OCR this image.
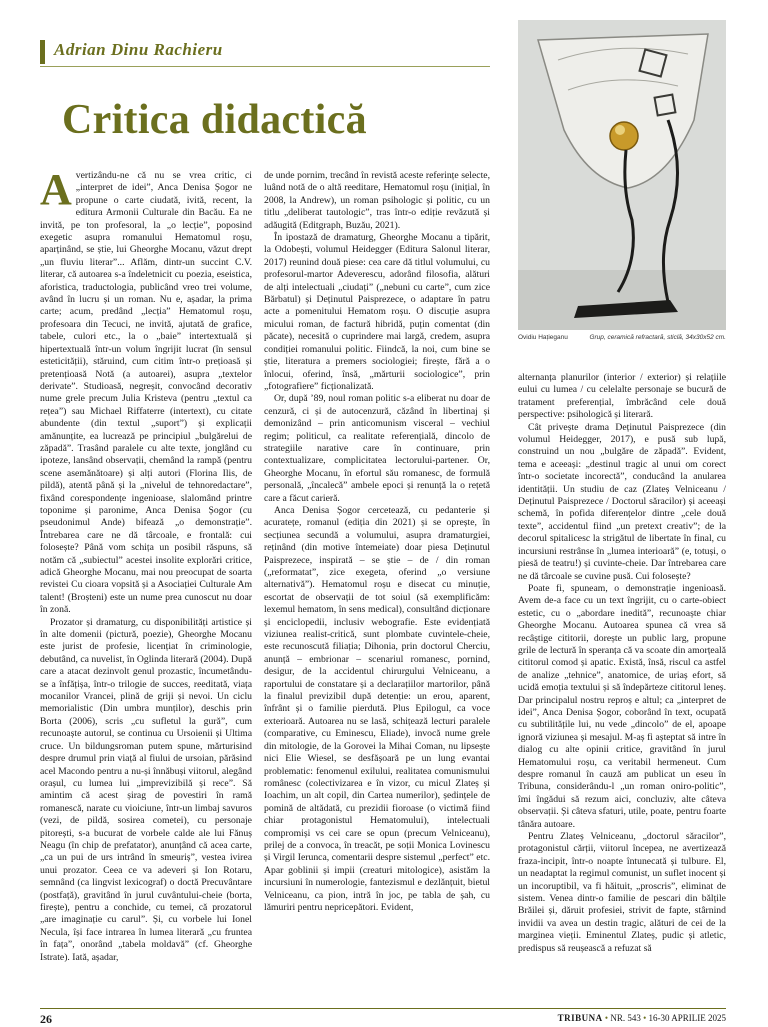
Adrian Dinu Rachieru
Critica didactică
Ovidiu Hațieganu	Grup, ceramică refractară, sticlă, 34x30x52 cm.

Avertizându-ne că nu se vrea critic, ci „interpret de idei”, Anca Denisa Șogor ne propune o carte ciudată, ivită, recent, la editura Armonii Culturale din Bacău. Ea ne invită, pe ton profesoral, la „o lecție”, poposind exegetic asupra romanului Hematomul roșu, aparținând, se știe, lui Gheorghe Mocanu, văzut drept „un fluviu literar”... Aflăm, dintr-un succint C.V. literar, că autoarea s-a îndeletnicit cu poezia, eseistica, aforistica, traductologia, publicând vreo trei volume, având în lucru și un roman. Nu e, așadar, la prima carte; acum, predând „lecția” Hematomul roșu, profesoara din Tecuci, ne invită, ajutată de grafice, tabele, culori etc., la o „baie” intertextuală și hipertextuală într-un volum îngrijit lucrat (în sensul esteticității), stăruind, cum citim într-o prețioasă și pretențioasă Notă (a autoarei), asupra „textelor derivate”. Studioasă, negreșit, convocând decorativ nume grele precum Julia Kristeva (pentru „textul ca rețea”) sau Michael Riffaterre (intertext), cu citate abundente (din textul „suport”) și explicații amănunțite, ea lucrează pe principiul „bulgărelui de zăpadă”. Trasând paralele cu alte texte, jonglând cu ipoteze, lansând observații, chemând la rampă (pentru scene asemănătoare) și alți autori (Florina Ilis, de pildă), atentă până și la „nivelul de tehnoredactare”, fixând corespondențe ingenioase, slalomând printre toponime și paronime, Anca Denisa Șogor (cu pseudonimul Ande) bifează „o demonstrație”. Întrebarea care ne dă târcoale, e frontală: cui folosește? Până vom schița un posibil răspuns, să notăm că „subiectul” acestei insolite explorări critice, adică Gheorghe Mocanu, mai nou preocupat de soarta revistei Cu cioara vopsită și a Asociației Culturale Am talent! (Broșteni) este un nume prea cunoscut nu doar în zonă.

Prozator și dramaturg, cu disponibilități artistice și în alte domenii (pictură, poezie), Gheorghe Mocanu este jurist de profesie, licențiat în criminologie, debutând, ca nuvelist, în Oglinda literară (2004). După care a atacat dezinvolt genul prozastic, încumetându-se a înfățișa, într-o trilogie de succes, reeditată, viața mocanilor Vrancei, plină de griji și nevoi. Un ciclu memorialistic (Din umbra munților), deschis prin Borta (2006), scris „cu sufletul la gură”, cum recunoaște autorul, se continua cu Ursoienii și Ultima cruce. Un bildungsroman putem spune, mărturisind despre drumul prin viață al fiului de ursoian, părăsind acel Macondo pentru a nu-și înnăbuși viitorul, alegând orașul, cu lumea lui „imprevizibilă și rece”. Să amintim că acest șirag de povestiri în ramă romanescă, narate cu vioiciune, într-un limbaj savuros (vezi, de pildă, sosirea cometei), cu personaje pitorești, s-a bucurat de vorbele calde ale lui Fănuș Neagu (în chip de prefatator), anunțând că acea carte, „ca un pui de urs intrând în smeuriș”, vestea ivirea unui prozator. Ceea ce va adeveri și Ion Rotaru, semnând (ca lingvist lexicograf) o doctă Precuvântare (postfață), gravitând în jurul cuvântului-cheie (borta, firește), pentru a conchide, cu temei, că prozatorul „are imaginație cu carul”. Și, cu vorbele lui Ionel Necula, își face intrarea în lumea literară „cu fruntea în fața”, onorând „tabela moldavă” (cf. Gheorghe Istrate). Iată, așadar,

de unde pornim, trecând în revistă aceste referințe selecte, luând notă de o altă reeditare, Hematomul roșu (inițial, în 2008, la Andrew), un roman psihologic și politic, cu un titlu „deliberat tautologic”, tras într-o ediție revăzută și adăugită (Editgraph, Buzău, 2021).

În ipostază de dramaturg, Gheorghe Mocanu a tipărit, la Odobești, volumul Heidegger (Editura Salonul literar, 2017) reunind două piese: cea care dă titlul volumului, cu profesorul-martor Adeverescu, adorând filosofia, alături de alți intelectuali „ciudați” („nebuni cu carte”, cum zice Bărbatul) și Deținutul Paisprezece, o adaptare în patru acte a pomenitului Hematom roșu. O discuție asupra micului roman, de factură hibridă, puțin comentat (din păcate), necesită o cuprindere mai largă, credem, asupra condiției romanului politic. Fiindcă, la noi, cum bine se știe, literatura a premers sociologiei; firește, fără a o înlocui, oferind, însă, „mărturii sociologice”, prin „fotografiere” ficționalizată.

Or, după ’89, noul roman politic s-a eliberat nu doar de cenzură, ci și de autocenzură, căzând în libertinaj și demonizând – prin anticomunism visceral – vechiul regim; politicul, ca realitate referențială, dincolo de strategiile narative care în continuare, prin contextualizare, complicitatea lectorului-partener. Or, Gheorghe Mocanu, în efortul său romanesc, de formulă personală, „încalecă” ambele epoci și renunță la o rețetă care a făcut carieră.

Anca Denisa Șogor cercetează, cu pedanterie și acuratețe, romanul (ediția din 2021) și se oprește, în secțiunea secundă a volumului, asupra dramaturgiei, reținând (din motive întemeiate) doar piesa Deținutul Paisprezece, inspirată – se știe – de / din roman („reformatat”, zice exegeta, oferind „o versiune alternativă”). Hematomul roșu e disecat cu minuție, escortat de observații de tot soiul (să exemplificăm: lexemul hematom, în sens medical), consultând dicționare și enciclopedii, inclusiv webografie. Este evidențiată viziunea realist-critică, sunt plombate cuvintele-cheie, este recunoscută filiația; Dihonia, prin doctorul Cherciu, anunță – embrionar – scenariul romanesc, pornind, desigur, de la accidentul chirurgului Velniceanu, a raportului de constatare și a declarațiilor martorilor, până la finalul previzibil după detenție: un erou, aparent, înfrânt și o familie pierdută. Plus Epilogul, ca voce exterioară. Autoarea nu se lasă, schițează lecturi paralele (comparative, cu Eminescu, Eliade), invocă nume grele din mitologie, de la Gorovei la Mihai Coman, nu lipsește nici Elie Wiesel, se desfășoară pe un lung evantai problematic: fenomenul exilului, realitatea comunismului românesc (colectivizarea e în vizor, cu micul Zlateș și Ioachim, un alt copil, din Cartea numerilor), ședințele de pomină de altădată, cu prezidii fioroase (o victimă fiind chiar protagonistul Hematomului), intelectuali compromiși vs cei care se opun (precum Velniceanu), prilej de a convoca, în treacăt, pe soții Monica Lovinescu și Virgil Ierunca, comentarii despre sistemul „perfect” etc. Apar goblinii și impii (creaturi mitologice), asistăm la incursiuni în numerologie, fantezismul e dezlănțuit, bietul Velniceanu, ca pion, intră în joc, pe tabla de șah, cu lămuriri pentru nepricepători. Evident,

alternanța planurilor (interior / exterior) și relațiile eului cu lumea / cu celelalte personaje se bucură de tratament preferențial, îmbrăcând cele două perspective: psihologică și literară.

Cât privește drama Deținutul Paisprezece (din volumul Heidegger, 2017), e pusă sub lupă, construind un nou „bulgăre de zăpadă”. Evident, tema e aceeași: „destinul tragic al unui om corect într-o societate incorectă”, conducând la anularea identității. Un studiu de caz (Zlateș Velniceanu / Deținutul Paisprezece / Doctorul săracilor) și aceeași schemă, în pofida diferențelor dintre „cele două texte”, accidentul fiind „un pretext creativ”; de la decorul spitalicesc la strigătul de libertate în final, cu incursiuni restrânse în „lumea interioară” (e, totuși, o piesă de teatru!) și cuvinte-cheie. Dar întrebarea care ne dă târcoale se cuvine pusă. Cui folosește?

Poate fi, spuneam, o demonstrație ingenioasă. Avem de-a face cu un text îngrijit, cu o carte-obiect estetic, cu o „abordare inedită”, recunoaște chiar Gheorghe Mocanu. Autoarea spunea că vrea să recâștige cititorii, dorește un public larg, propune grile de lectură în speranța că va scoate din amorțeală cititorul comod și apatic. Există, însă, riscul ca astfel de analize „tehnice”, anatomice, de uriaș efort, să ucidă emoția textului și să îndepărteze cititorul leneș. Dar principalul nostru reproș e altul; ca „interpret de idei”, Anca Denisa Șogor, coborând în text, ocupată cu subtilitățile lui, nu vede „dincolo” de el, apoape ignoră viziunea și mesajul. M-aș fi așteptat să intre în dialog cu alte opinii critice, gravitând în jurul Hematomului roșu, ca veritabil hermeneut. Cum despre romanul în cauză am publicat un eseu în Tribuna, considerându-l „un roman oniro-politic”, îmi îngădui să rezum aici, concluziv, alte câteva observații. Și câteva sfaturi, utile, poate, pentru foarte tânăra autoare.

Pentru Zlateș Velniceanu, „doctorul săracilor”, protagonistul cărții, viitorul începea, ne avertizează fraza-incipit, într-o noapte întunecată și tulbure. El, un neadaptat la regimul comunist, un suflet inocent și un incoruptibil, va fi hăituit, „proscris”, eliminat de sistem. Venea dintr-o familie de pescari din bălțile Brăilei și, dăruit profesiei, strivit de fapte, stârnind invidii va avea un destin tragic, alături de cei de la marginea vieții. Eminentul Zlateș, pudic și atletic, predispus să reușească a refuzat să

26	TRIBUNA • NR. 543 • 16-30 APRILIE 2025
